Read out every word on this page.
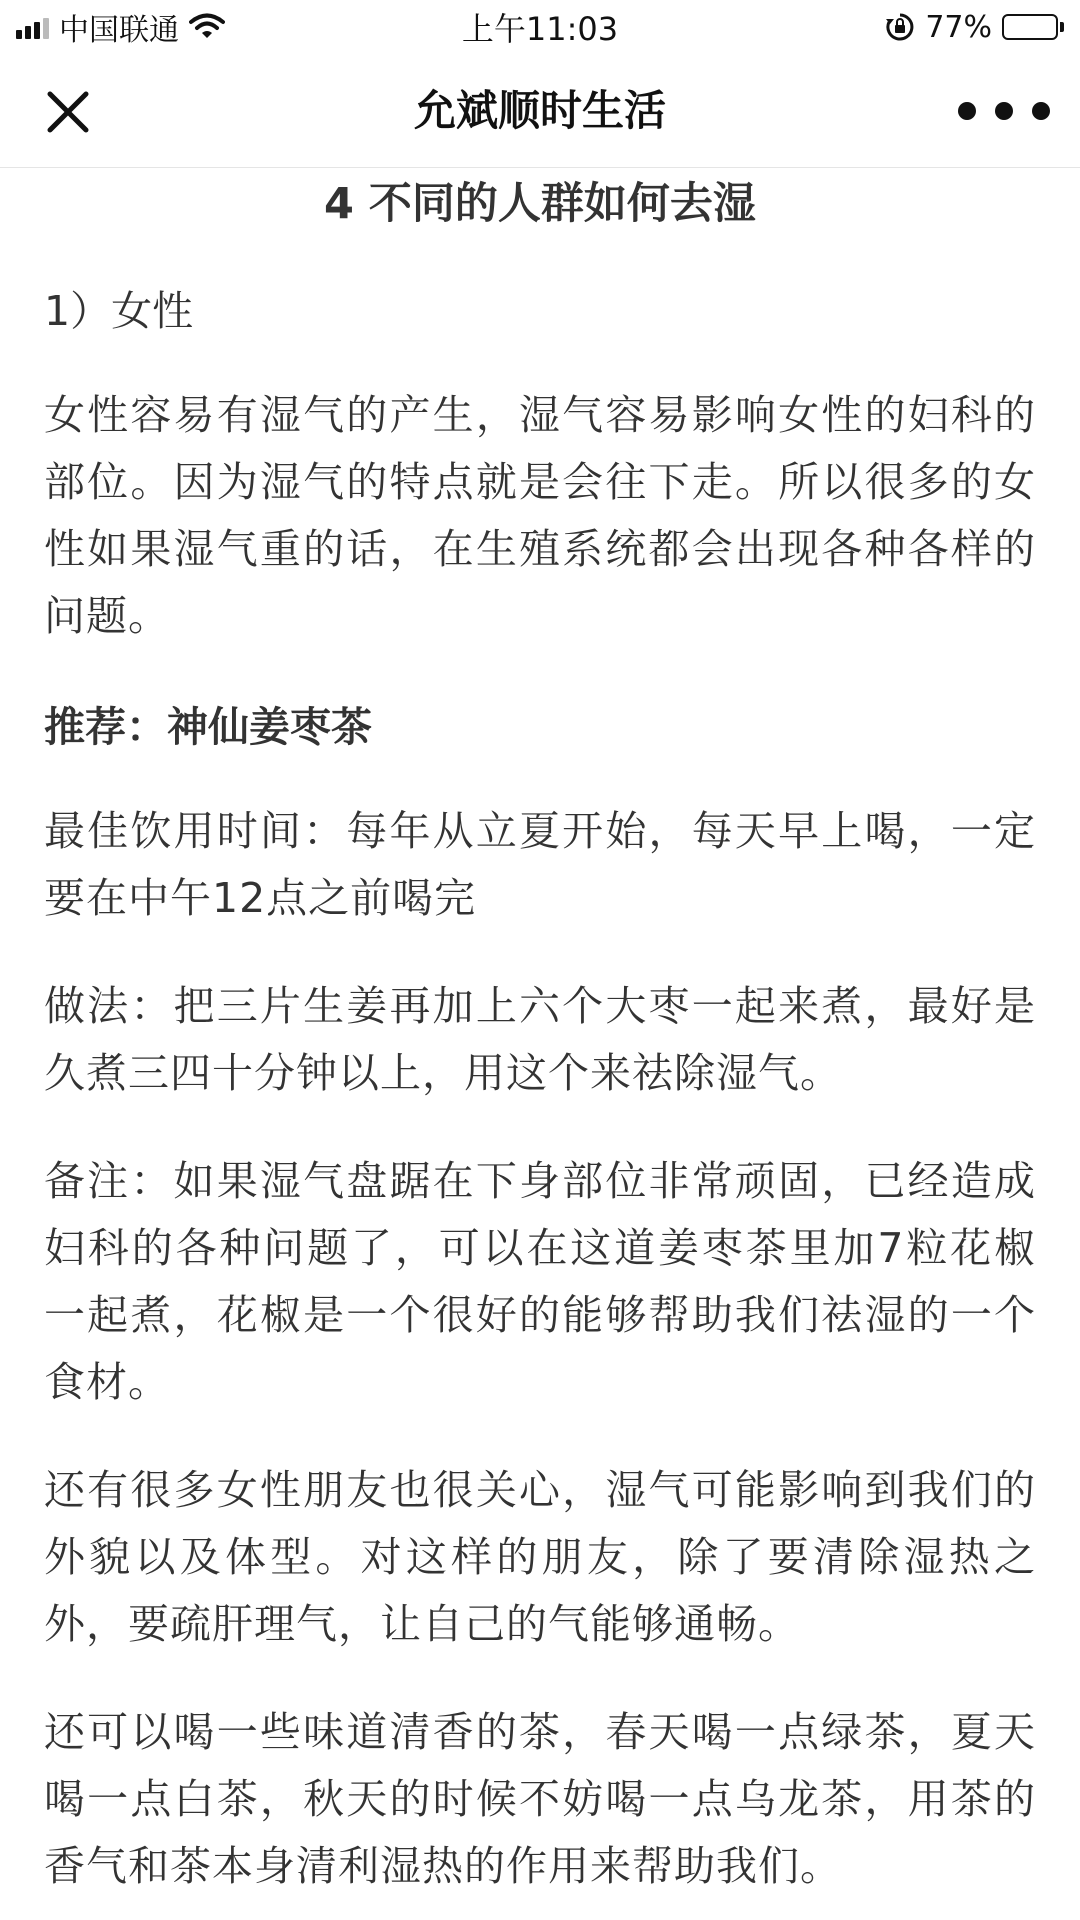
中国联通	上午11:03	77%
允斌顺时生活
4 不同的人群如何去湿
1）女性

女性容易有湿气的产生，湿气容易影响女性的妇科的部位。因为湿气的特点就是会往下走。所以很多的女性如果湿气重的话，在生殖系统都会出现各种各样的问题。

推荐：神仙姜枣茶

最佳饮用时间：每年从立夏开始，每天早上喝，一定要在中午12点之前喝完

做法：把三片生姜再加上六个大枣一起来煮，最好是久煮三四十分钟以上，用这个来祛除湿气。

备注：如果湿气盘踞在下身部位非常顽固，已经造成妇科的各种问题了，可以在这道姜枣茶里加7粒花椒一起煮，花椒是一个很好的能够帮助我们祛湿的一个食材。

还有很多女性朋友也很关心，湿气可能影响到我们的外貌以及体型。对这样的朋友，除了要清除湿热之外，要疏肝理气，让自己的气能够通畅。

还可以喝一些味道清香的茶，春天喝一点绿茶，夏天喝一点白茶，秋天的时候不妨喝一点乌龙茶，用茶的香气和茶本身清利湿热的作用来帮助我们。
